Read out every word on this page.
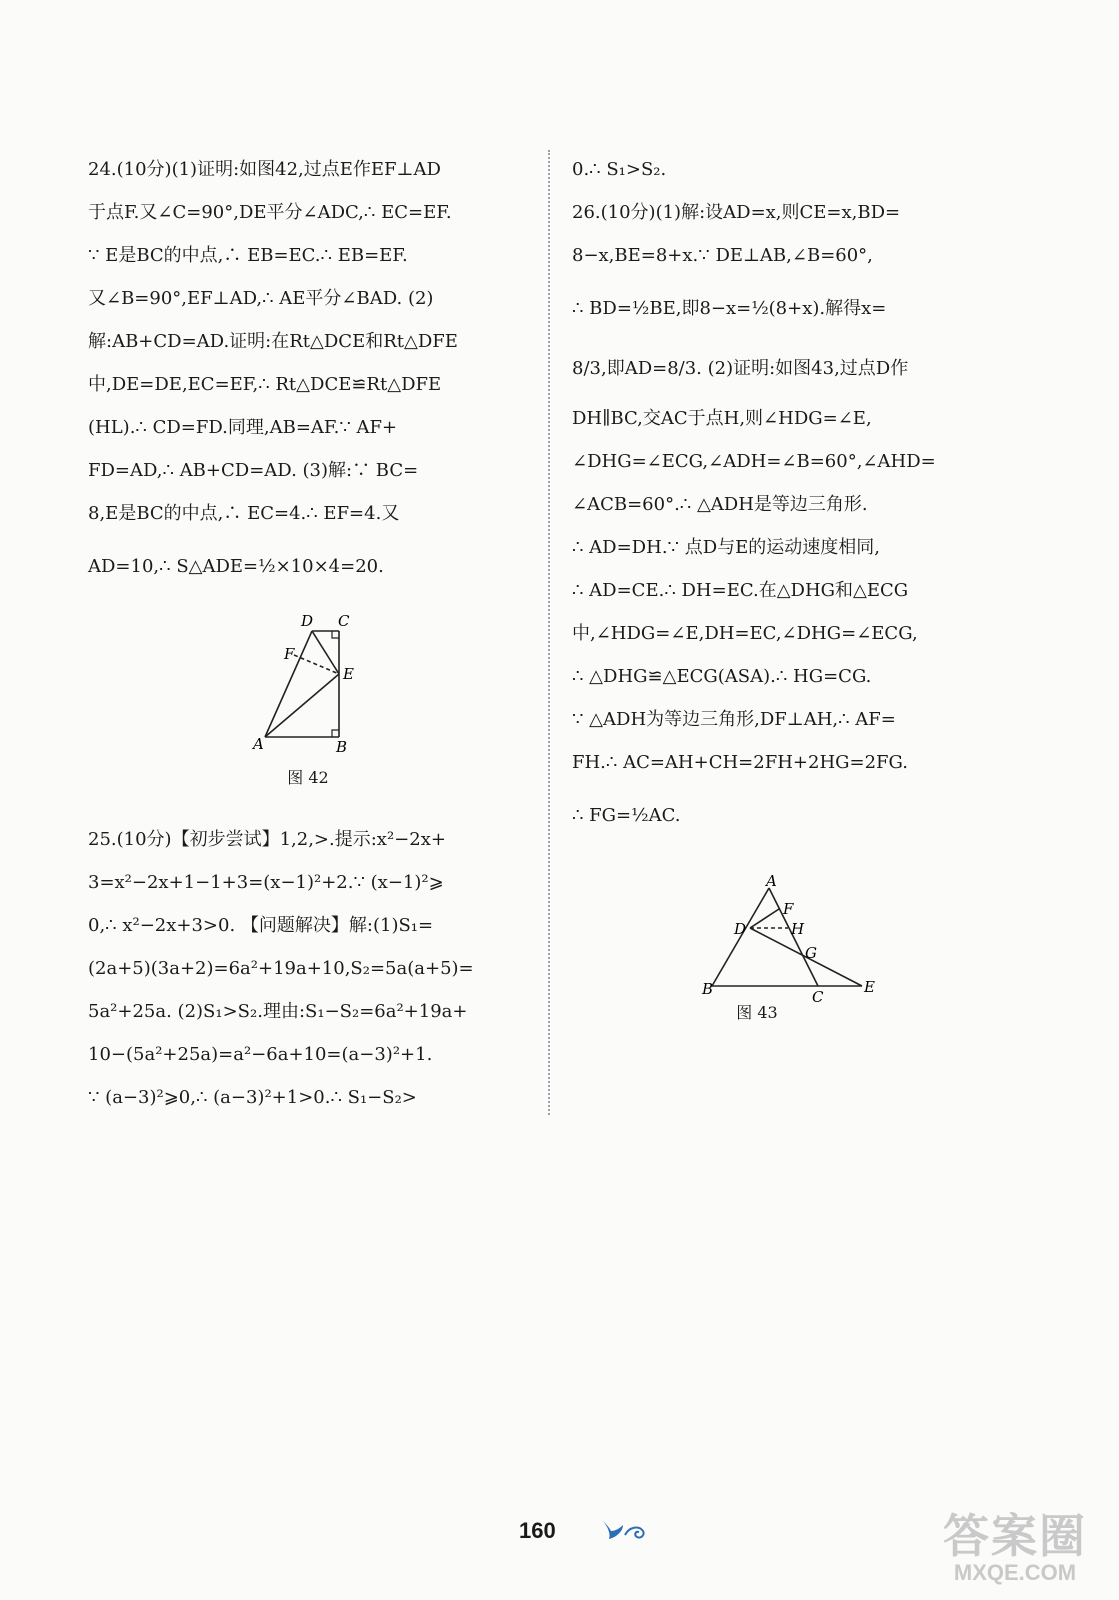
24.(10分)(1)证明:如图42,过点E作EF⊥AD
于点F.又∠C=90°,DE平分∠ADC,∴ EC=EF.
∵ E是BC的中点,∴ EB=EC.∴ EB=EF.
又∠B=90°,EF⊥AD,∴ AE平分∠BAD. (2)
解:AB+CD=AD.证明:在Rt△DCE和Rt△DFE
中,DE=DE,EC=EF,∴ Rt△DCE≌Rt△DFE
(HL).∴ CD=FD.同理,AB=AF.∵ AF+
FD=AD,∴ AB+CD=AD. (3)解:∵ BC=
8,E是BC的中点,∴ EC=4.∴ EF=4.又
AD=10,∴ S△ADE=½×10×4=20.
A	B
C
D
E
F
图 42
25.(10分)【初步尝试】1,2,>.提示:x²−2x+
3=x²−2x+1−1+3=(x−1)²+2.∵ (x−1)²⩾
0,∴ x²−2x+3>0. 【问题解决】解:(1)S₁=
(2a+5)(3a+2)=6a²+19a+10,S₂=5a(a+5)=
5a²+25a. (2)S₁>S₂.理由:S₁−S₂=6a²+19a+
10−(5a²+25a)=a²−6a+10=(a−3)²+1.
∵ (a−3)²⩾0,∴ (a−3)²+1>0.∴ S₁−S₂>
0.∴ S₁>S₂.
26.(10分)(1)解:设AD=x,则CE=x,BD=
8−x,BE=8+x.∵ DE⊥AB,∠B=60°,
∴ BD=½BE,即8−x=½(8+x).解得x=
8/3,即AD=8/3. (2)证明:如图43,过点D作
DH∥BC,交AC于点H,则∠HDG=∠E,
∠DHG=∠ECG,∠ADH=∠B=60°,∠AHD=
∠ACB=60°.∴ △ADH是等边三角形.
∴ AD=DH.∵ 点D与E的运动速度相同,
∴ AD=CE.∴ DH=EC.在△DHG和△ECG
中,∠HDG=∠E,DH=EC,∠DHG=∠ECG,
∴ △DHG≌△ECG(ASA).∴ HG=CG.
∵ △ADH为等边三角形,DF⊥AH,∴ AF=
FH.∴ AC=AH+CH=2FH+2HG=2FG.
∴ FG=½AC.
A
B	C
D
E
F
G
H
图 43
160	答案圈
MXQE.COM
